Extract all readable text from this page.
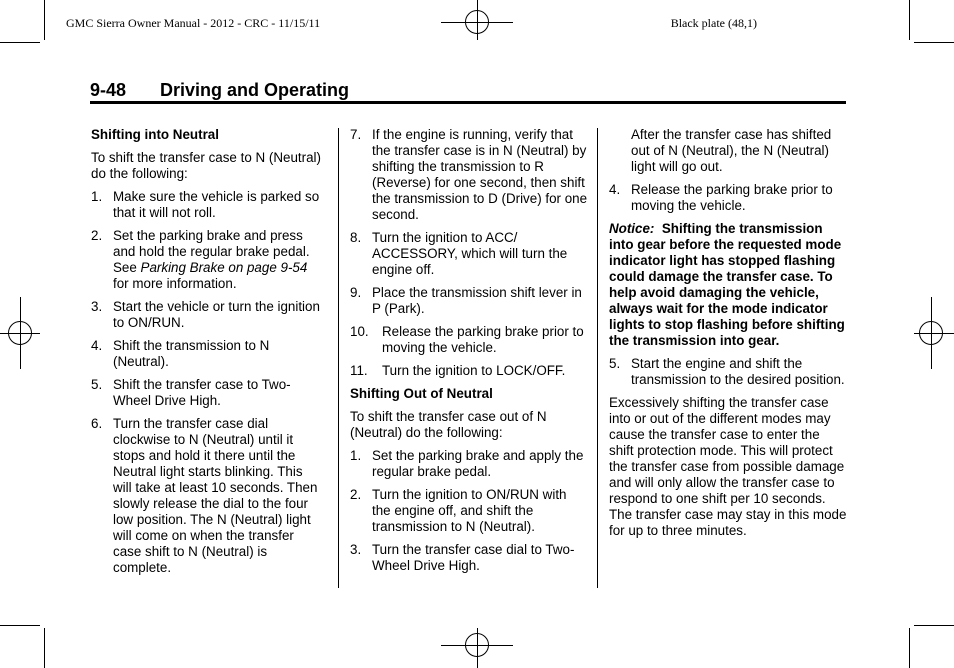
GMC Sierra Owner Manual - 2012 - CRC - 11/15/11	Black plate (48,1)
9-48 Driving and Operating
Shifting into Neutral

To shift the transfer case to N (Neutral) do the following:

1. Make sure the vehicle is parked so that it will not roll.
2. Set the parking brake and press and hold the regular brake pedal. See Parking Brake on page 9-54 for more information.
3. Start the vehicle or turn the ignition to ON/RUN.
4. Shift the transmission to N (Neutral).
5. Shift the transfer case to Two-Wheel Drive High.
6. Turn the transfer case dial clockwise to N (Neutral) until it stops and hold it there until the Neutral light starts blinking. This will take at least 10 seconds. Then slowly release the dial to the four low position. The N (Neutral) light will come on when the transfer case shift to N (Neutral) is complete.
7. If the engine is running, verify that the transfer case is in N (Neutral) by shifting the transmission to R (Reverse) for one second, then shift the transmission to D (Drive) for one second.
8. Turn the ignition to ACC/ ACCESSORY, which will turn the engine off.
9. Place the transmission shift lever in P (Park).
10. Release the parking brake prior to moving the vehicle.
11.	Turn the ignition to LOCK/OFF.
Shifting Out of Neutral

To shift the transfer case out of N (Neutral) do the following:

1. Set the parking brake and apply the regular brake pedal.
2. Turn the ignition to ON/RUN with the engine off, and shift the transmission to N (Neutral).
3. Turn the transfer case dial to Two-Wheel Drive High.
After the transfer case has shifted out of N (Neutral), the N (Neutral) light will go out.
4. Release the parking brake prior to moving the vehicle.

Notice: Shifting the transmission into gear before the requested mode indicator light has stopped flashing could damage the transfer case. To help avoid damaging the vehicle, always wait for the mode indicator lights to stop flashing before shifting the transmission into gear.

5. Start the engine and shift the transmission to the desired position.

Excessively shifting the transfer case into or out of the different modes may cause the transfer case to enter the shift protection mode. This will protect the transfer case from possible damage and will only allow the transfer case to respond to one shift per 10 seconds. The transfer case may stay in this mode for up to three minutes.
